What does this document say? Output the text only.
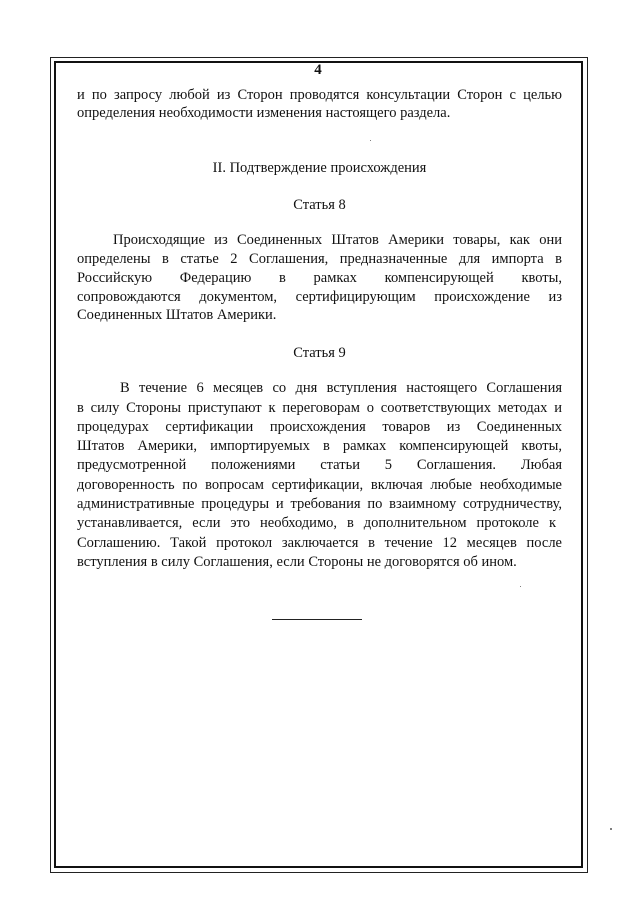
4
и по запросу любой из Сторон проводятся консультации Сторон с целью
определения необходимости изменения настоящего раздела.
II. Подтверждение происхождения
Статья 8
Происходящие из Соединенных Штатов Америки товары, как они
определены в статье 2 Соглашения, предназначенные для импорта в
Российскую Федерацию в рамках компенсирующей квоты,
сопровождаются документом, сертифицирующим происхождение из
Соединенных Штатов Америки.
Статья 9
В течение 6 месяцев со дня вступления настоящего Соглашения
в силу Стороны приступают к переговорам о соответствующих методах и
процедурах сертификации происхождения товаров из Соединенных
Штатов Америки, импортируемых в рамках компенсирующей квоты,
предусмотренной положениями статьи 5 Соглашения. Любая
договоренность по вопросам сертификации, включая любые необходимые
административные процедуры и требования по взаимному сотрудничеству,
устанавливается, если это необходимо, в дополнительном протоколе к
Соглашению. Такой протокол заключается в течение 12 месяцев после
вступления в силу Соглашения, если Стороны не договорятся об ином.
